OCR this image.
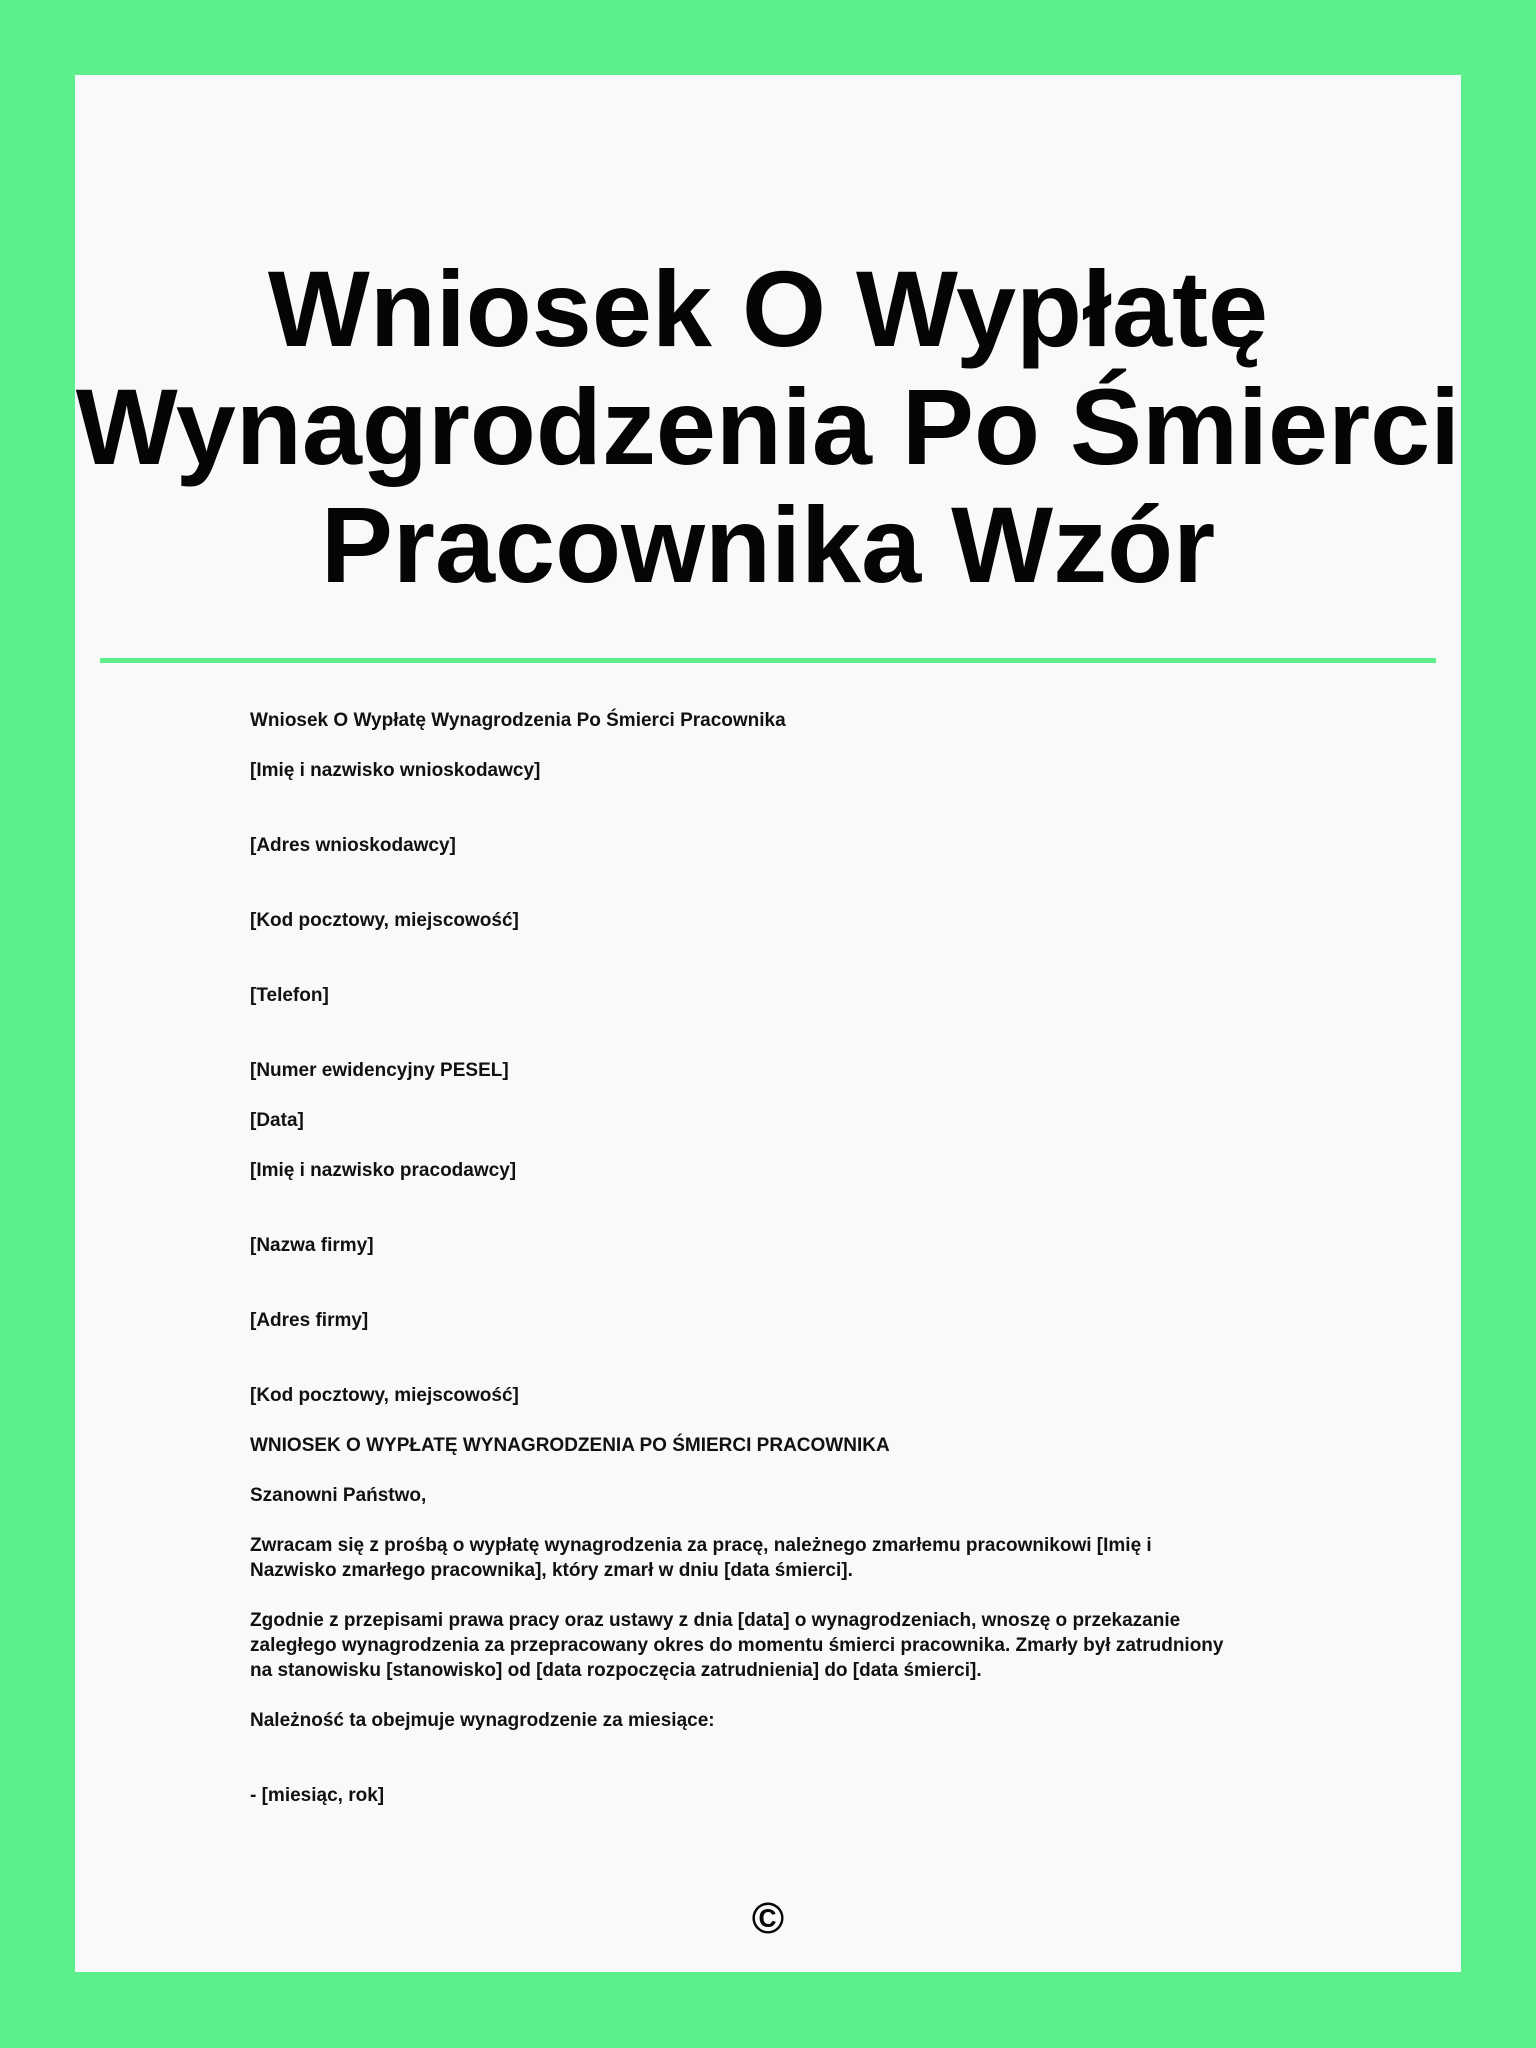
Wniosek O Wypłatę
Wynagrodzenia Po Śmierci
Pracownika Wzór

Wniosek O Wypłatę Wynagrodzenia Po Śmierci Pracownika

[Imię i nazwisko wnioskodawcy]

[Adres wnioskodawcy]

[Kod pocztowy, miejscowość]

[Telefon]

[Numer ewidencyjny PESEL]

[Data]

[Imię i nazwisko pracodawcy]

[Nazwa firmy]

[Adres firmy]

[Kod pocztowy, miejscowość]

WNIOSEK O WYPŁATĘ WYNAGRODZENIA PO ŚMIERCI PRACOWNIKA

Szanowni Państwo,

Zwracam się z prośbą o wypłatę wynagrodzenia za pracę, należnego zmarłemu pracownikowi [Imię i
Nazwisko zmarłego pracownika], który zmarł w dniu [data śmierci].

Zgodnie z przepisami prawa pracy oraz ustawy z dnia [data] o wynagrodzeniach, wnoszę o przekazanie
zaległego wynagrodzenia za przepracowany okres do momentu śmierci pracownika. Zmarły był zatrudniony
na stanowisku [stanowisko] od [data rozpoczęcia zatrudnienia] do [data śmierci].

Należność ta obejmuje wynagrodzenie za miesiące:

- [miesiąc, rok]

©
